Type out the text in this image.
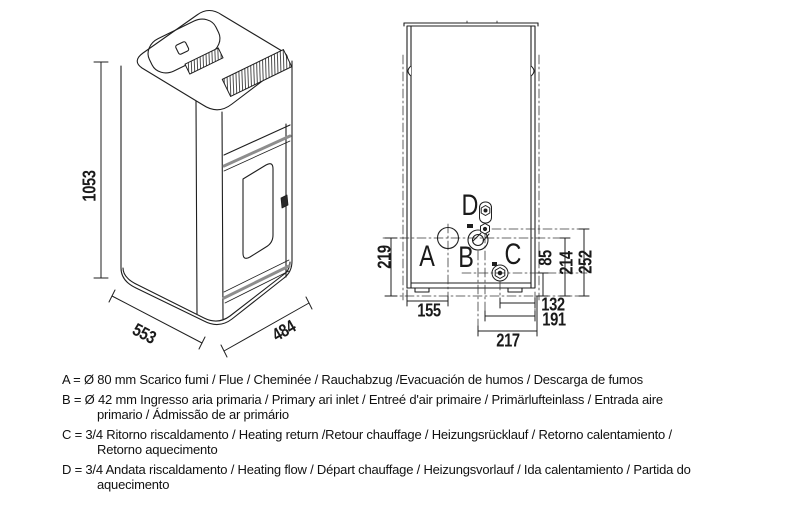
1053
553	484
219
155
85 214 252
132
191
217
A B C
D
A = Ø 80 mm Scarico fumi / Flue / Cheminée / Rauchabzug /Evacuación de humos / Descarga de fumos
B = Ø 42 mm Ingresso aria primaria / Primary ari inlet / Entreé d'air primaire / Primärlufteinlass / Entrada aire
primario / Ádmissão de ar primário
C = 3/4 Ritorno riscaldamento / Heating return /Retour chauffage / Heizungsrücklauf / Retorno calentamiento /
Retorno aquecimento
D = 3/4 Andata riscaldamento / Heating flow / Départ chauffage / Heizungsvorlauf / Ida calentamiento / Partida do
aquecimento
